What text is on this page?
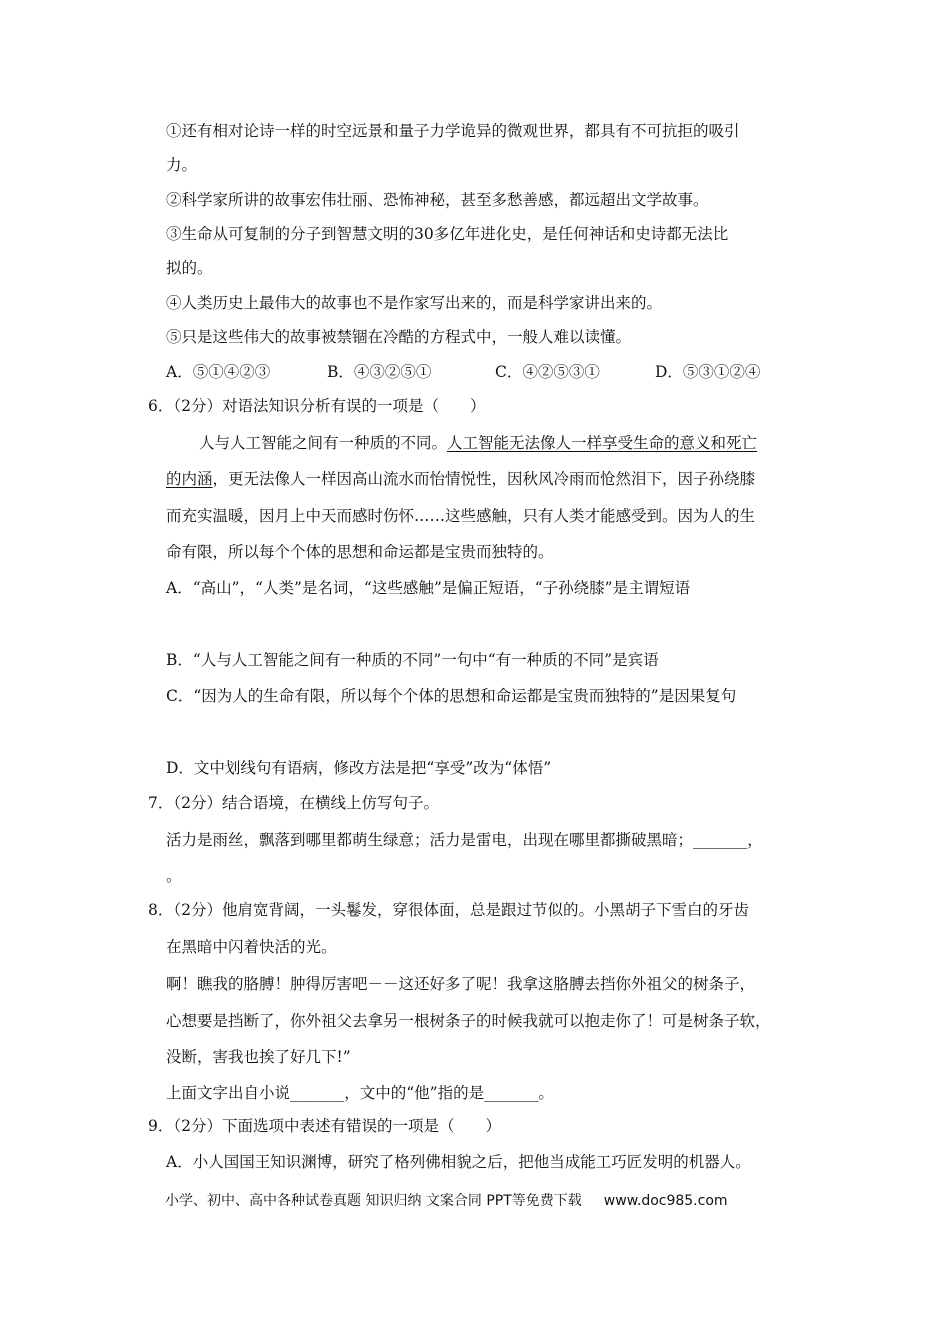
①还有相对论诗一样的时空远景和量子力学诡异的微观世界，都具有不可抗拒的吸引
力。
②科学家所讲的故事宏伟壮丽、恐怖神秘，甚至多愁善感，都远超出文学故事。
③生命从可复制的分子到智慧文明的30多亿年进化史，是任何神话和史诗都无法比
拟的。
④人类历史上最伟大的故事也不是作家写出来的，而是科学家讲出来的。
⑤只是这些伟大的故事被禁锢在冷酷的方程式中，一般人难以读懂。
A．⑤①④②③	B．④③②⑤①	C．④②⑤③①	D．⑤③①②④
6．（2分）对语法知识分析有误的一项是（　　）
人与人工智能之间有一种质的不同。人工智能无法像人一样享受生命的意义和死亡
的内涵，更无法像人一样因高山流水而怡情悦性，因秋风冷雨而怆然泪下，因子孙绕膝
而充实温暖，因月上中天而感时伤怀……这些感触，只有人类才能感受到。因为人的生
命有限，所以每个个体的思想和命运都是宝贵而独特的。
A．“高山”，“人类”是名词，“这些感触”是偏正短语，“子孙绕膝”是主谓短语
B．“人与人工智能之间有一种质的不同”一句中“有一种质的不同”是宾语
C．“因为人的生命有限，所以每个个体的思想和命运都是宝贵而独特的”是因果复句
D．文中划线句有语病，修改方法是把“享受”改为“体悟”
7．（2分）结合语境，在横线上仿写句子。
活力是雨丝，飘落到哪里都萌生绿意；活力是雷电，出现在哪里都撕破黑暗；_______，
。
8．（2分）他肩宽背阔，一头鬈发，穿很体面，总是跟过节似的。小黑胡子下雪白的牙齿
在黑暗中闪着快活的光。
啊！瞧我的胳膊！肿得厉害吧－－这还好多了呢！我拿这胳膊去挡你外祖父的树条子，
心想要是挡断了，你外祖父去拿另一根树条子的时候我就可以抱走你了！可是树条子软，
没断，害我也挨了好几下!”
上面文字出自小说_______，文中的“他”指的是_______。
9．（2分）下面选项中表述有错误的一项是（　　）
A．小人国国王知识渊博，研究了格列佛相貌之后，把他当成能工巧匠发明的机器人。
小学、初中、高中各种试卷真题 知识归纳 文案合同 PPT等免费下载 www.doc985.com
